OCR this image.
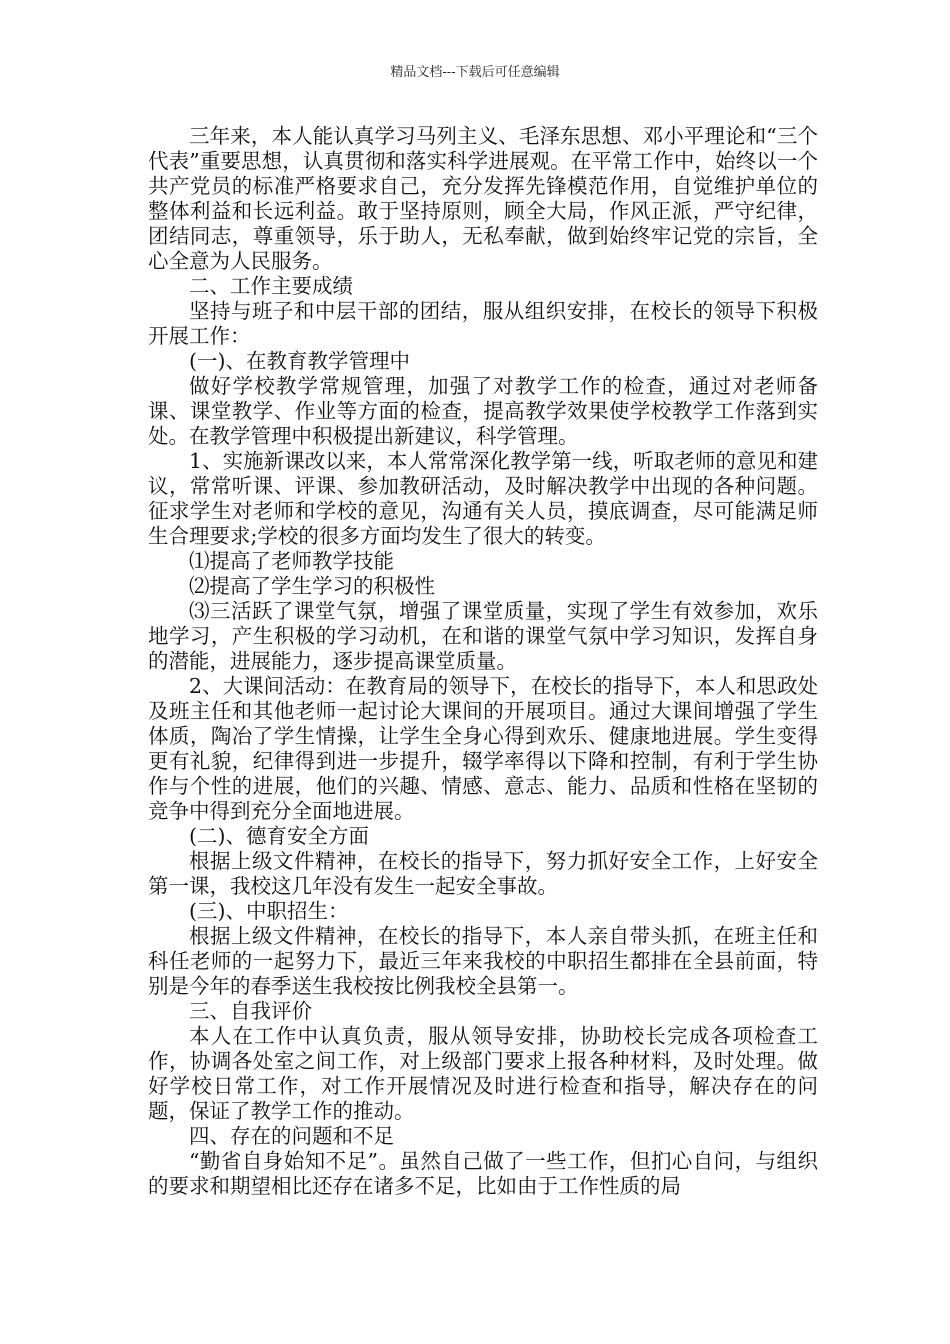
精品文档---下载后可任意编辑

三年来，本人能认真学习马列主义、毛泽东思想、邓小平理论和“三个代表”重要思想，认真贯彻和落实科学进展观。在平常工作中，始终以一个共产党员的标准严格要求自己，充分发挥先锋模范作用，自觉维护单位的整体利益和长远利益。敢于坚持原则，顾全大局，作风正派，严守纪律，团结同志，尊重领导，乐于助人，无私奉献，做到始终牢记党的宗旨，全心全意为人民服务。

二、工作主要成绩

坚持与班子和中层干部的团结，服从组织安排，在校长的领导下积极开展工作：

(一)、在教育教学管理中

做好学校教学常规管理，加强了对教学工作的检查，通过对老师备课、课堂教学、作业等方面的检查，提高教学效果使学校教学工作落到实处。在教学管理中积极提出新建议，科学管理。

1、实施新课改以来，本人常常深化教学第一线，听取老师的意见和建议，常常听课、评课、参加教研活动，及时解决教学中出现的各种问题。征求学生对老师和学校的意见，沟通有关人员，摸底调查，尽可能满足师生合理要求;学校的很多方面均发生了很大的转变。

⑴提高了老师教学技能

⑵提高了学生学习的积极性

⑶三活跃了课堂气氛，增强了课堂质量，实现了学生有效参加，欢乐地学习，产生积极的学习动机，在和谐的课堂气氛中学习知识，发挥自身的潜能，进展能力，逐步提高课堂质量。

2、大课间活动：在教育局的领导下，在校长的指导下，本人和思政处及班主任和其他老师一起讨论大课间的开展项目。通过大课间增强了学生体质，陶冶了学生情操，让学生全身心得到欢乐、健康地进展。学生变得更有礼貌，纪律得到进一步提升，辍学率得以下降和控制，有利于学生协作与个性的进展，他们的兴趣、情感、意志、能力、品质和性格在坚韧的竞争中得到充分全面地进展。

(二)、德育安全方面

根据上级文件精神，在校长的指导下，努力抓好安全工作，上好安全第一课，我校这几年没有发生一起安全事故。

(三)、中职招生：

根据上级文件精神，在校长的指导下，本人亲自带头抓，在班主任和科任老师的一起努力下，最近三年来我校的中职招生都排在全县前面，特别是今年的春季送生我校按比例我校全县第一。

三、自我评价

本人在工作中认真负责，服从领导安排，协助校长完成各项检查工作，协调各处室之间工作，对上级部门要求上报各种材料，及时处理。做好学校日常工作，对工作开展情况及时进行检查和指导，解决存在的问题，保证了教学工作的推动。

四、存在的问题和不足

“勤省自身始知不足”。虽然自己做了一些工作，但扪心自问，与组织的要求和期望相比还存在诸多不足，比如由于工作性质的局
